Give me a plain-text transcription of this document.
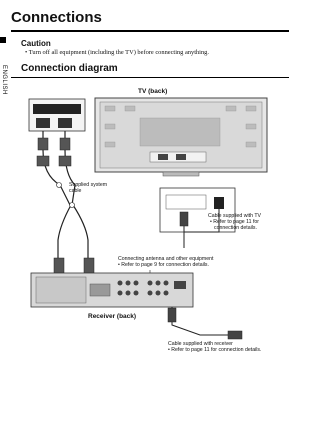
Connections
ENGLISH
Caution
• Turn off all equipment (including the TV) before connecting anything.
Connection diagram
TV (back)
Supplied system
cable
Cable supplied with TV
• Refer to page 11 for
connection details.
Connecting antenna and other equipment
• Refer to page 9 for connection details.
Receiver (back)
Cable supplied with receiver
• Refer to page 11 for connection details.
